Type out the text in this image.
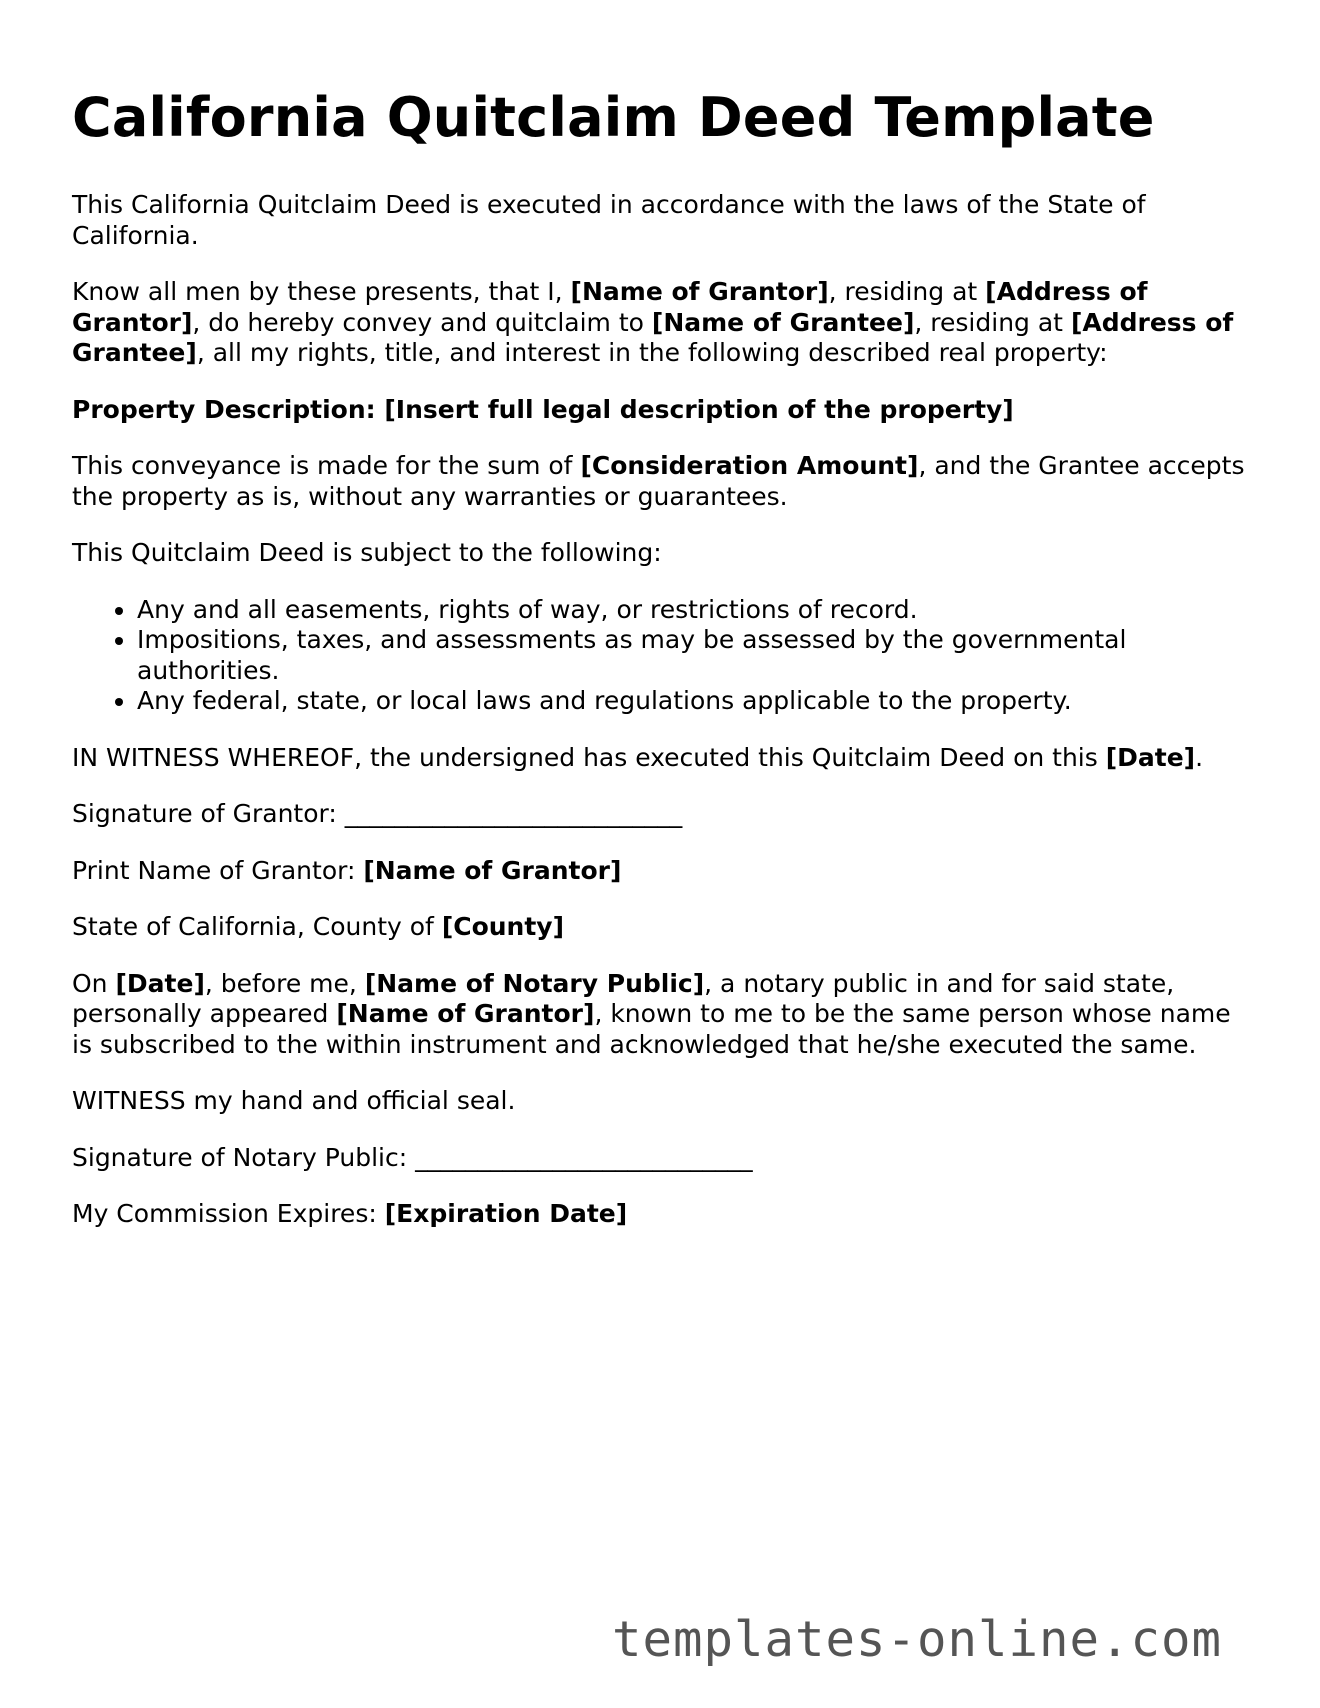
California Quitclaim Deed Template

This California Quitclaim Deed is executed in accordance with the laws of the State of California.

Know all men by these presents, that I, [Name of Grantor], residing at [Address of Grantor], do hereby convey and quitclaim to [Name of Grantee], residing at [Address of Grantee], all my rights, title, and interest in the following described real property:

Property Description: [Insert full legal description of the property]

This conveyance is made for the sum of [Consideration Amount], and the Grantee accepts the property as is, without any warranties or guarantees.

This Quitclaim Deed is subject to the following:

• Any and all easements, rights of way, or restrictions of record.
• Impositions, taxes, and assessments as may be assessed by the governmental authorities.
• Any federal, state, or local laws and regulations applicable to the property.

IN WITNESS WHEREOF, the undersigned has executed this Quitclaim Deed on this [Date].

Signature of Grantor: ___________________________

Print Name of Grantor: [Name of Grantor]

State of California, County of [County]

On [Date], before me, [Name of Notary Public], a notary public in and for said state, personally appeared [Name of Grantor], known to me to be the same person whose name is subscribed to the within instrument and acknowledged that he/she executed the same.

WITNESS my hand and official seal.

Signature of Notary Public: ___________________________

My Commission Expires: [Expiration Date]

templates-online.com
